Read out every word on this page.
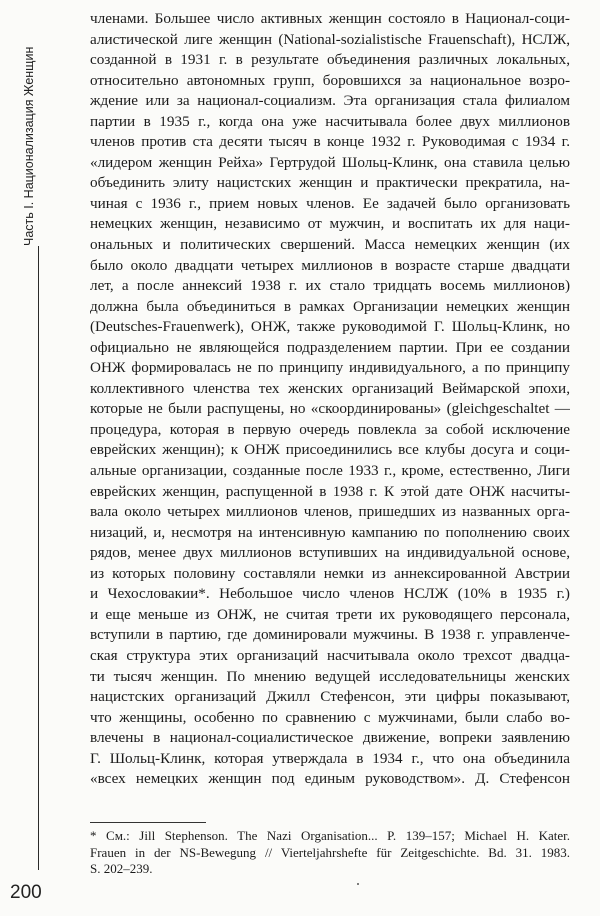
Часть I. Национализация Женщин
200
членами. Большее число активных женщин состояло в Национал-соци-
алистической лиге женщин (National-sozialistische Frauenschaft), НСЛЖ,
созданной в 1931 г. в результате объединения различных локальных,
относительно автономных групп, боровшихся за национальное возро-
ждение или за национал-социализм. Эта организация стала филиалом
партии в 1935 г., когда она уже насчитывала более двух миллионов
членов против ста десяти тысяч в конце 1932 г. Руководимая с 1934 г.
«лидером женщин Рейха» Гертрудой Шольц-Клинк, она ставила целью
объединить элиту нацистских женщин и практически прекратила, на-
чиная с 1936 г., прием новых членов. Ее задачей было организовать
немецких женщин, независимо от мужчин, и воспитать их для наци-
ональных и политических свершений. Масса немецких женщин (их
было около двадцати четырех миллионов в возрасте старше двадцати
лет, а после аннексий 1938 г. их стало тридцать восемь миллионов)
должна была объединиться в рамках Организации немецких женщин
(Deutsches-Frauenwerk), ОНЖ, также руководимой Г. Шольц-Клинк, но
официально не являющейся подразделением партии. При ее создании
ОНЖ формировалась не по принципу индивидуального, а по принципу
коллективного членства тех женских организаций Веймарской эпохи,
которые не были распущены, но «скоординированы» (gleichgeschaltet —
процедура, которая в первую очередь повлекла за собой исключение
еврейских женщин); к ОНЖ присоединились все клубы досуга и соци-
альные организации, созданные после 1933 г., кроме, естественно, Лиги
еврейских женщин, распущенной в 1938 г. К этой дате ОНЖ насчиты-
вала около четырех миллионов членов, пришедших из названных орга-
низаций, и, несмотря на интенсивную кампанию по пополнению своих
рядов, менее двух миллионов вступивших на индивидуальной основе,
из которых половину составляли немки из аннексированной Австрии
и Чехословакии*. Небольшое число членов НСЛЖ (10% в 1935 г.)
и еще меньше из ОНЖ, не считая трети их руководящего персонала,
вступили в партию, где доминировали мужчины. В 1938 г. управленче-
ская структура этих организаций насчитывала около трехсот двадца-
ти тысяч женщин. По мнению ведущей исследовательницы женских
нацистских организаций Джилл Стефенсон, эти цифры показывают,
что женщины, особенно по сравнению с мужчинами, были слабо во-
влечены в национал-социалистическое движение, вопреки заявлению
Г. Шольц-Клинк, которая утверждала в 1934 г., что она объединила
«всех немецких женщин под единым руководством». Д. Стефенсон
* См.: Jill Stephenson. The Nazi Organisation... P. 139–157; Michael H. Kater.
Frauen in der NS-Bewegung // Vierteljahrshefte für Zeitgeschichte. Bd. 31. 1983.
S. 202–239.
